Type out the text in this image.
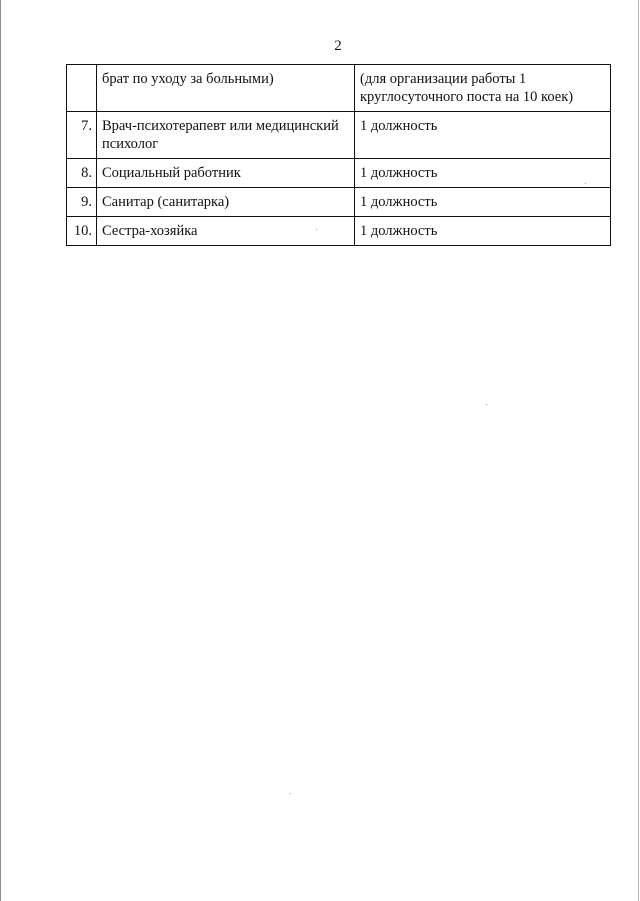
2
	брат по уходу за больными)	(для организации работы 1 круглосуточного поста на 10 коек)
7.	Врач-психотерапевт или медицинский психолог	1 должность
8.	Социальный работник	1 должность
9.	Санитар (санитарка)	1 должность
10.	Сестра-хозяйка	1 должность
